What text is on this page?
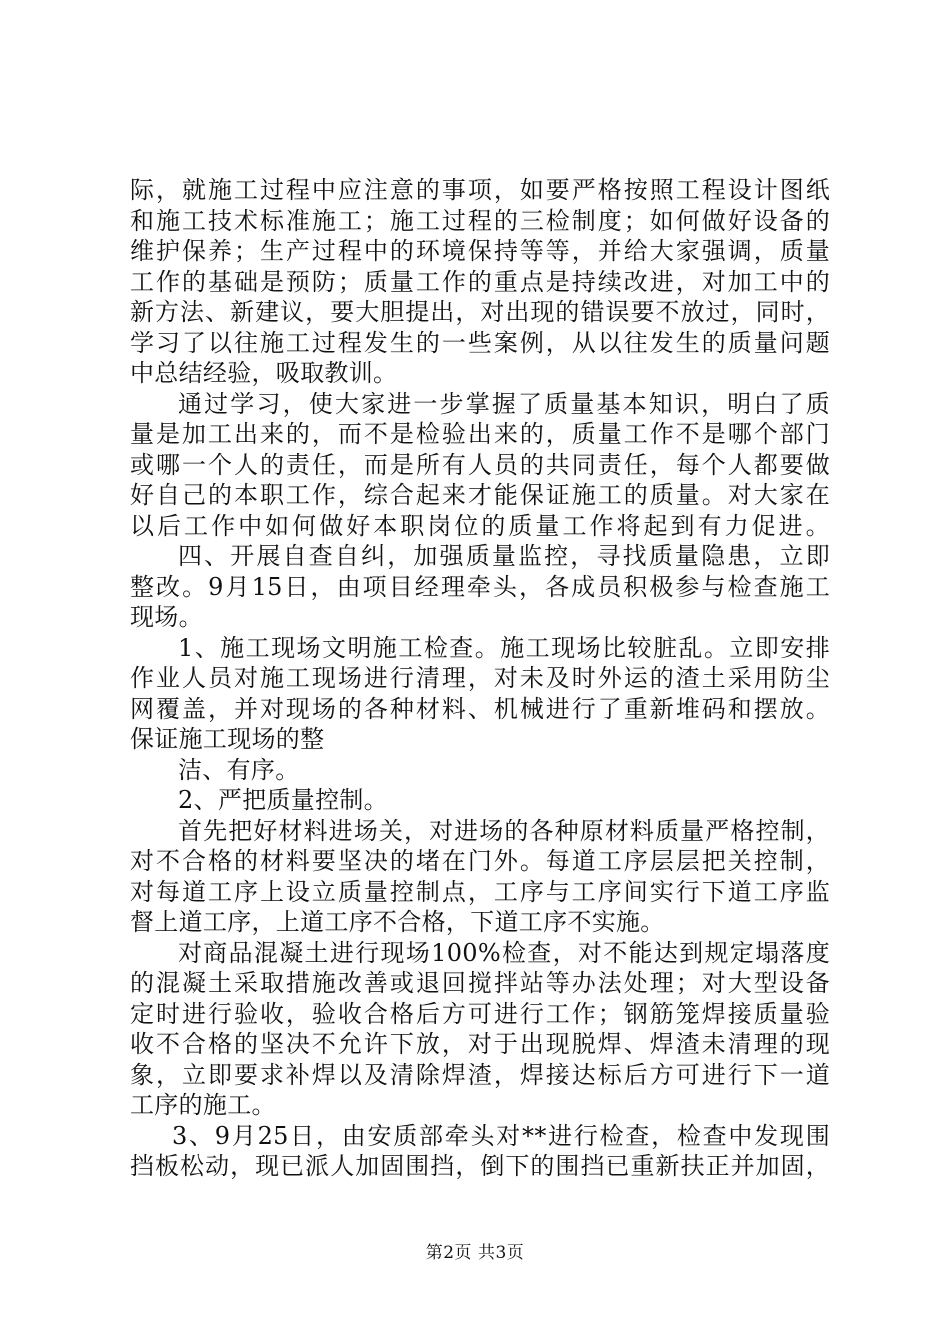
际，就施工过程中应注意的事项，如要严格按照工程设计图纸
和施工技术标准施工；施工过程的三检制度；如何做好设备的
维护保养；生产过程中的环境保持等等，并给大家强调，质量
工作的基础是预防；质量工作的重点是持续改进，对加工中的
新方法、新建议，要大胆提出，对出现的错误要不放过，同时，
学习了以往施工过程发生的一些案例，从以往发生的质量问题
中总结经验，吸取教训。
通过学习，使大家进一步掌握了质量基本知识，明白了质
量是加工出来的，而不是检验出来的，质量工作不是哪个部门
或哪一个人的责任，而是所有人员的共同责任，每个人都要做
好自己的本职工作，综合起来才能保证施工的质量。对大家在
以后工作中如何做好本职岗位的质量工作将起到有力促进。
四、开展自查自纠，加强质量监控，寻找质量隐患，立即
整改。9月15日，由项目经理牵头，各成员积极参与检查施工
现场。
1、施工现场文明施工检查。施工现场比较脏乱。立即安排
作业人员对施工现场进行清理，对未及时外运的渣土采用防尘
网覆盖，并对现场的各种材料、机械进行了重新堆码和摆放。
保证施工现场的整
洁、有序。
2、严把质量控制。
首先把好材料进场关，对进场的各种原材料质量严格控制，
对不合格的材料要坚决的堵在门外。每道工序层层把关控制，
对每道工序上设立质量控制点，工序与工序间实行下道工序监
督上道工序，上道工序不合格，下道工序不实施。
对商品混凝土进行现场100%检查，对不能达到规定塌落度
的混凝土采取措施改善或退回搅拌站等办法处理；对大型设备
定时进行验收，验收合格后方可进行工作；钢筋笼焊接质量验
收不合格的坚决不允许下放，对于出现脱焊、焊渣未清理的现
象，立即要求补焊以及清除焊渣，焊接达标后方可进行下一道
工序的施工。
3、9月25日，由安质部牵头对**进行检查，检查中发现围
挡板松动，现已派人加固围挡，倒下的围挡已重新扶正并加固，
第2页 共3页
